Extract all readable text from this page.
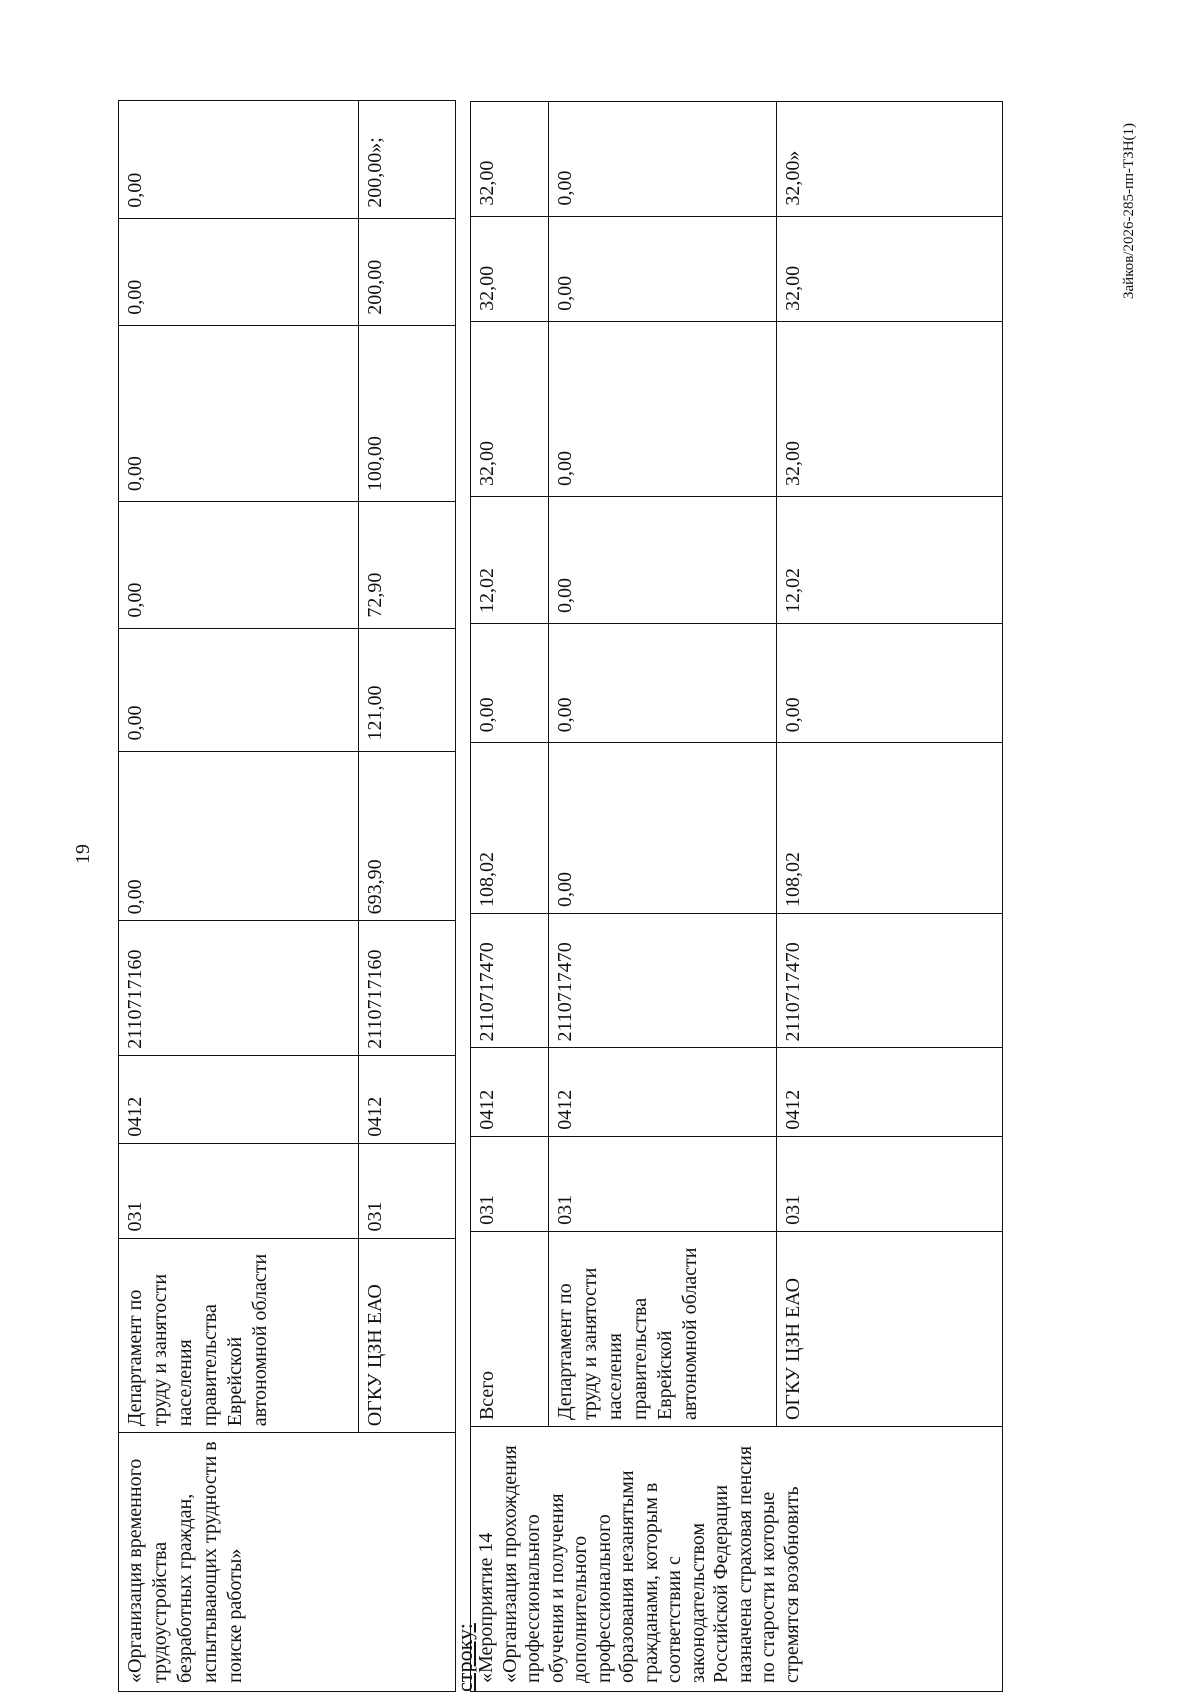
19
«Организация временного трудоустройства безработных граждан, испытывающих трудности в поиске работы»	Департамент по труду и занятости населения правительства Еврейской автономной области	031	0412	2110717160	0,00	0,00	0,00	0,00	0,00	0,00
	ОГКУ ЦЗН ЕАО	031	0412	2110717160	693,90	121,00	72,90	100,00	200,00	200,00»;
строку:
«Мероприятие 14 «Организация прохождения профессионального обучения и получения дополнительного профессионального образования незанятыми гражданами, которым в соответствии с законодательством Российской Федерации назначена страховая пенсия по старости и которые стремятся возобновить	Всего	031	0412	2110717470	108,02	0,00	12,02	32,00	32,00	32,00
	Департамент по труду и занятости населения правительства Еврейской автономной области	031	0412	2110717470	0,00	0,00	0,00	0,00	0,00	0,00
	ОГКУ ЦЗН ЕАО	031	0412	2110717470	108,02	0,00	12,02	32,00	32,00	32,00»	Зайков/2026-285-пп-ТЗН(1)
